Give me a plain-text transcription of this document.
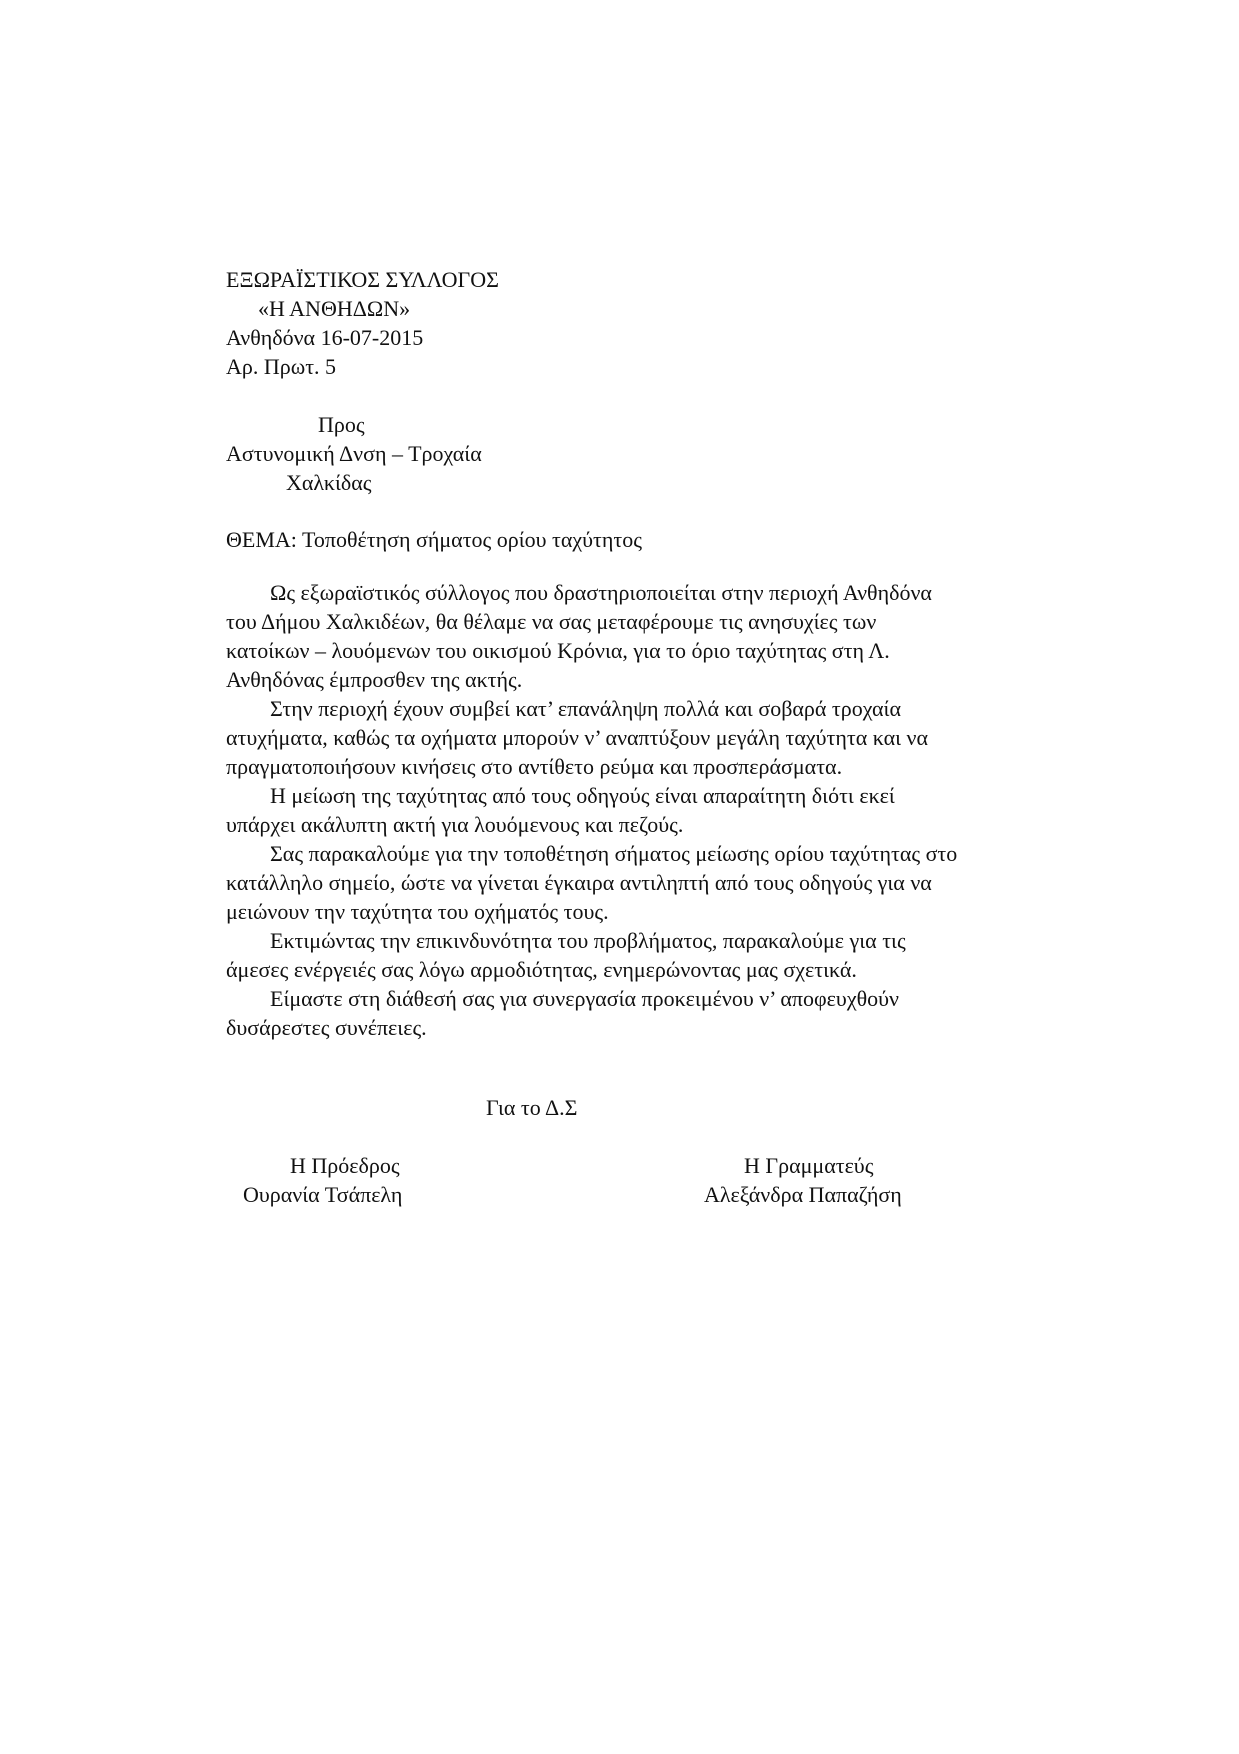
ΕΞΩΡΑΪΣΤΙΚΟΣ ΣΥΛΛΟΓΟΣ
«Η ΑΝΘΗΔΩΝ»
Ανθηδόνα 16-07-2015
Αρ. Πρωτ. 5
Προς
Αστυνομική Δνση – Τροχαία
Χαλκίδας
ΘΕΜΑ: Τοποθέτηση σήματος ορίου ταχύτητος

Ως εξωραϊστικός σύλλογος που δραστηριοποιείται στην περιοχή Ανθηδόνα
του Δήμου Χαλκιδέων, θα θέλαμε να σας μεταφέρουμε τις ανησυχίες των
κατοίκων – λουόμενων του οικισμού Κρόνια, για το όριο ταχύτητας στη Λ.
Ανθηδόνας έμπροσθεν της ακτής.

Στην περιοχή έχουν συμβεί κατ’ επανάληψη πολλά και σοβαρά τροχαία
ατυχήματα, καθώς τα οχήματα μπορούν ν’ αναπτύξουν μεγάλη ταχύτητα και να
πραγματοποιήσουν κινήσεις στο αντίθετο ρεύμα και προσπεράσματα.

Η μείωση της ταχύτητας από τους οδηγούς είναι απαραίτητη διότι εκεί
υπάρχει ακάλυπτη ακτή για λουόμενους και πεζούς.

Σας παρακαλούμε για την τοποθέτηση σήματος μείωσης ορίου ταχύτητας στο
κατάλληλο σημείο, ώστε να γίνεται έγκαιρα αντιληπτή από τους οδηγούς για να
μειώνουν την ταχύτητα του οχήματός τους.

Εκτιμώντας την επικινδυνότητα του προβλήματος, παρακαλούμε για τις
άμεσες ενέργειές σας λόγω αρμοδιότητας, ενημερώνοντας μας σχετικά.

Είμαστε στη διάθεσή σας για συνεργασία προκειμένου ν’ αποφευχθούν
δυσάρεστες συνέπειες.

Για το Δ.Σ
Η Πρόεδρος
Ουρανία Τσάπελη
Η Γραμματεύς
Αλεξάνδρα Παπαζήση
